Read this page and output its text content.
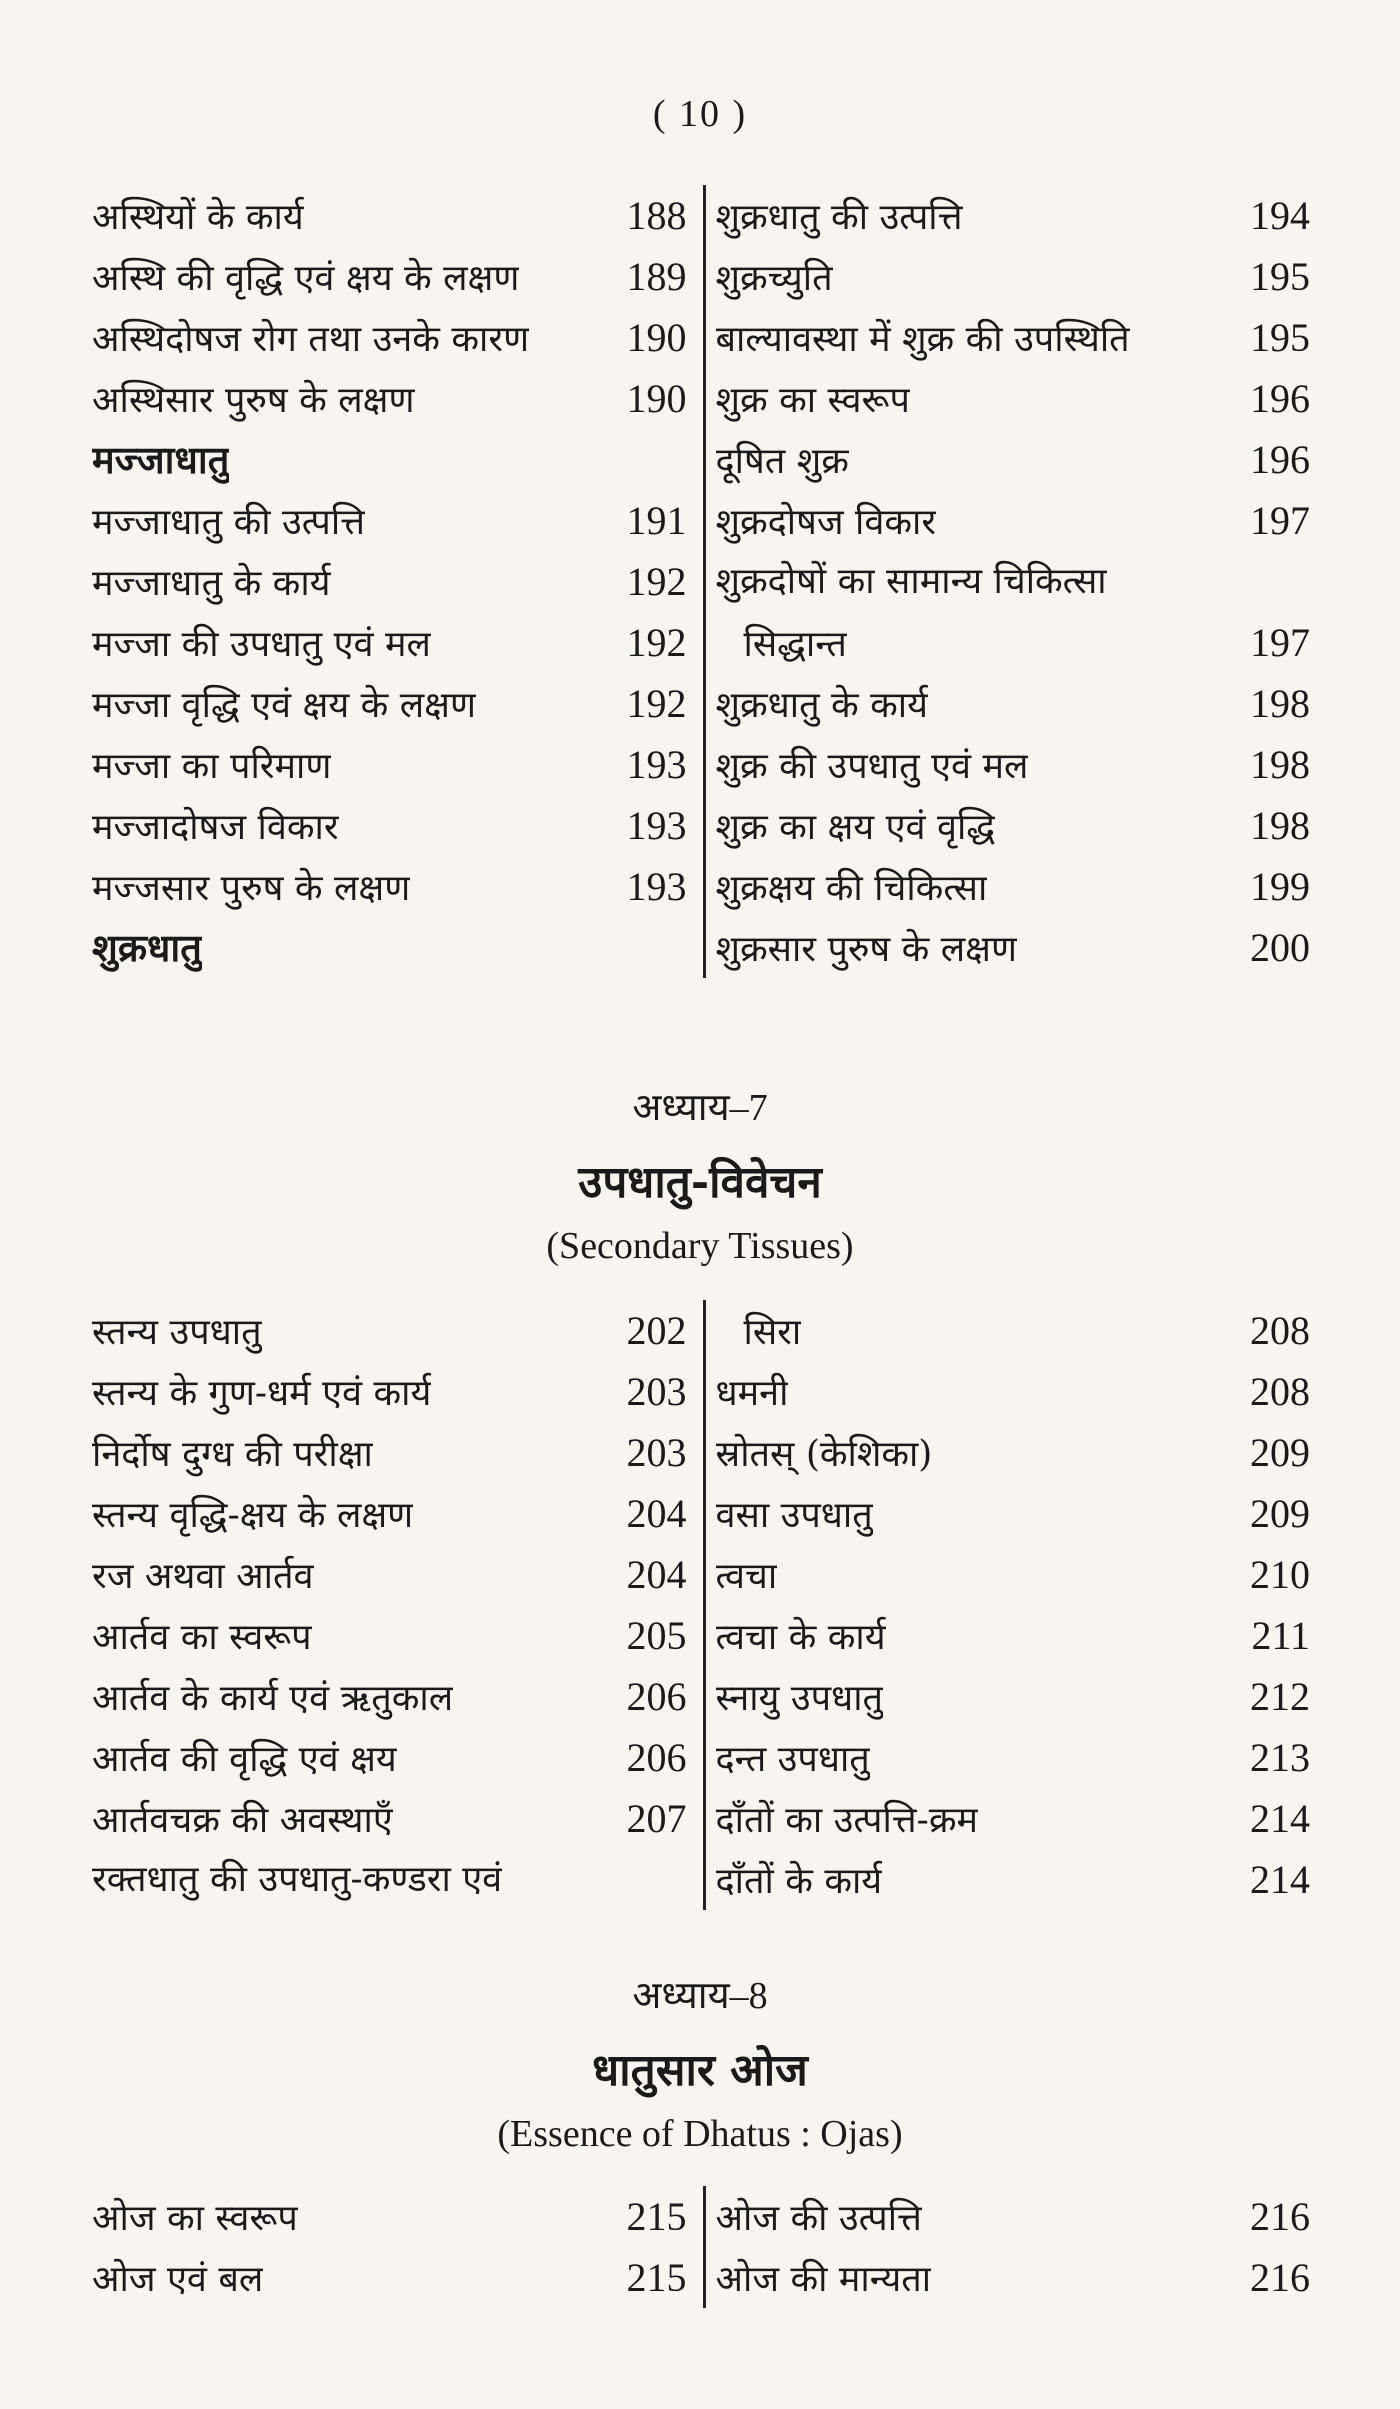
( 10 )
अस्थियों के कार्य	188
अस्थि की वृद्धि एवं क्षय के लक्षण	189
अस्थिदोषज रोग तथा उनके कारण 190
अस्थिसार पुरुष के लक्षण	190
मज्जाधातु
मज्जाधातु की उत्पत्ति	191
मज्जाधातु के कार्य	192
मज्जा की उपधातु एवं मल	192
मज्जा वृद्धि एवं क्षय के लक्षण	192
मज्जा का परिमाण	193
मज्जादोषज विकार	193
मज्जसार पुरुष के लक्षण	193
शुक्रधातु
शुक्रधातु की उत्पत्ति	194
शुक्रच्युति	195
बाल्यावस्था में शुक्र की उपस्थिति	195
शुक्र का स्वरूप	196
दूषित शुक्र	196
शुक्रदोषज विकार	197
शुक्रदोषों का सामान्य चिकित्सा
सिद्धान्त	197
शुक्रधातु के कार्य	198
शुक्र की उपधातु एवं मल	198
शुक्र का क्षय एवं वृद्धि	198
शुक्रक्षय की चिकित्सा	199
शुक्रसार पुरुष के लक्षण	200
अध्याय–7
उपधातु-विवेचन
(Secondary Tissues)
स्तन्य उपधातु	202
स्तन्य के गुण-धर्म एवं कार्य	203
निर्दोष दुग्ध की परीक्षा	203
स्तन्य वृद्धि-क्षय के लक्षण	204
रज अथवा आर्तव	204
आर्तव का स्वरूप	205
आर्तव के कार्य एवं ऋतुकाल	206
आर्तव की वृद्धि एवं क्षय	206
आर्तवचक्र की अवस्थाएँ	207
रक्तधातु की उपधातु-कण्डरा एवं
सिरा	208
धमनी	208
स्रोतस् (केशिका)	209
वसा उपधातु	209
त्वचा	210
त्वचा के कार्य	211
स्नायु उपधातु	212
दन्त उपधातु	213
दाँतों का उत्पत्ति-क्रम	214
दाँतों के कार्य	214
अध्याय–8
धातुसार ओज
(Essence of Dhatus : Ojas)
ओज का स्वरूप	215
ओज एवं बल	215
ओज की उत्पत्ति	216
ओज की मान्यता	216
